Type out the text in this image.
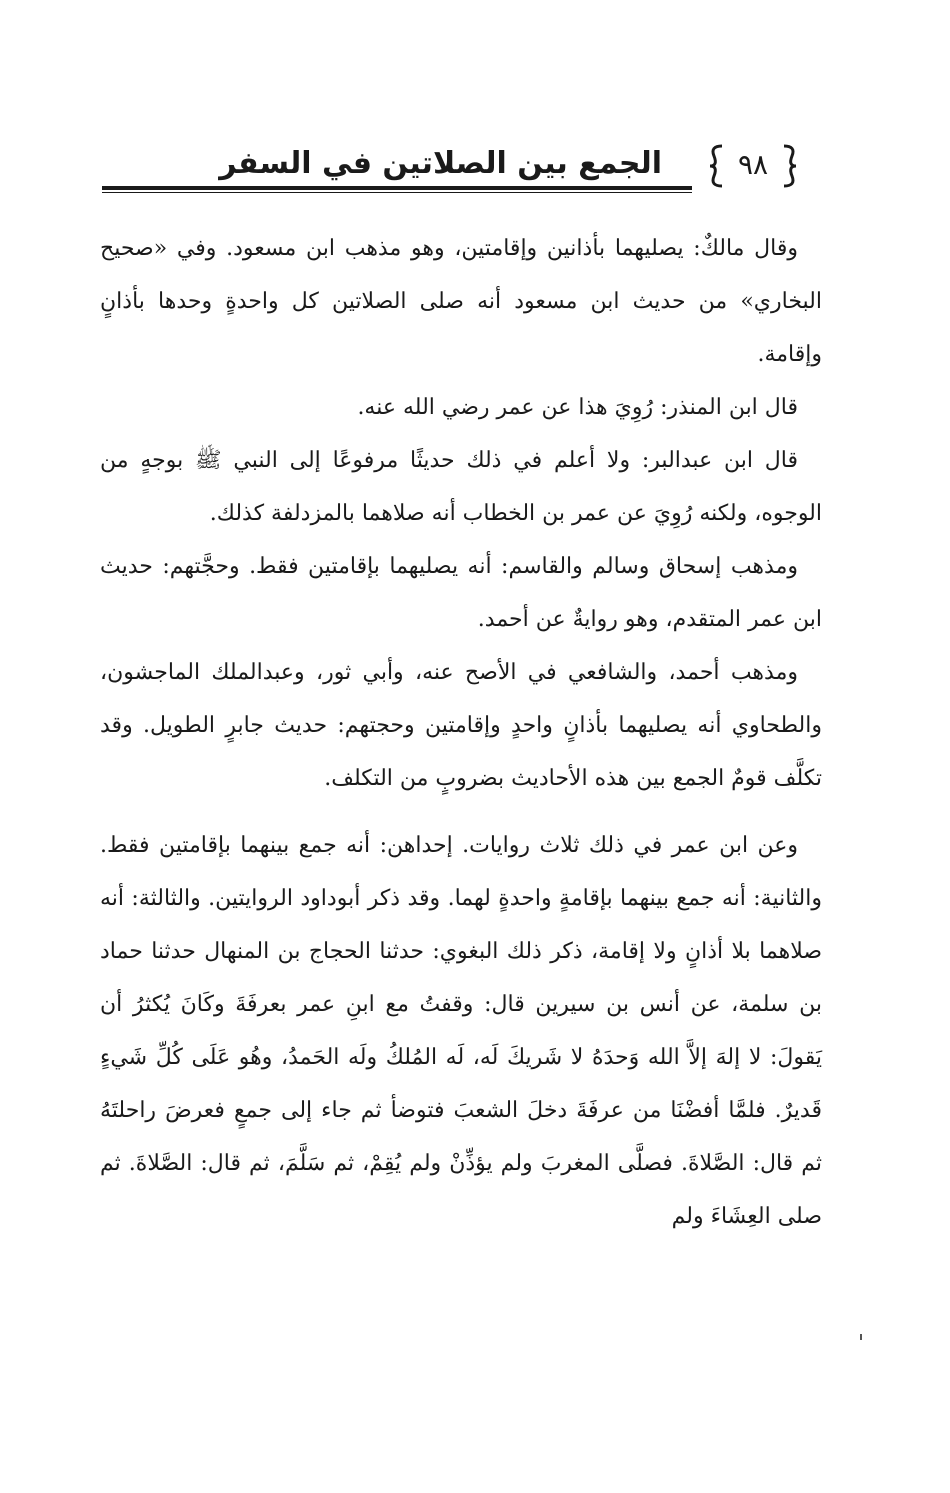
الجمع بين الصلاتين في السفر	٩٨

وقال مالكٌ: يصليهما بأذانين وإقامتين، وهو مذهب ابن مسعود. وفي «صحيح البخاري» من حديث ابن مسعود أنه صلى الصلاتين كل واحدةٍ وحدها بأذانٍ وإقامة.

قال ابن المنذر: رُوِيَ هذا عن عمر رضي الله عنه.

قال ابن عبدالبر: ولا أعلم في ذلك حديثًا مرفوعًا إلى النبي ﷺ بوجهٍ من الوجوه، ولكنه رُوِيَ عن عمر بن الخطاب أنه صلاهما بالمزدلفة كذلك.

ومذهب إسحاق وسالم والقاسم: أنه يصليهما بإقامتين فقط. وحجَّتهم: حديث ابن عمر المتقدم، وهو روايةٌ عن أحمد.

ومذهب أحمد، والشافعي في الأصح عنه، وأبي ثور، وعبدالملك الماجشون، والطحاوي أنه يصليهما بأذانٍ واحدٍ وإقامتين وحجتهم: حديث جابرٍ الطويل. وقد تكلَّف قومٌ الجمع بين هذه الأحاديث بضروبٍ من التكلف.

وعن ابن عمر في ذلك ثلاث روايات. إحداهن: أنه جمع بينهما بإقامتين فقط. والثانية: أنه جمع بينهما بإقامةٍ واحدةٍ لهما. وقد ذكر أبوداود الروايتين. والثالثة: أنه صلاهما بلا أذانٍ ولا إقامة، ذكر ذلك البغوي: حدثنا الحجاج بن المنهال حدثنا حماد بن سلمة، عن أنس بن سيرين قال: وقفتُ مع ابنِ عمر بعرفَةَ وكَانَ يُكثرُ أن يَقولَ: لا إلهَ إلاَّ الله وَحدَهُ لا شَريكَ لَه، لَه المُلكُ ولَه الحَمدُ، وهُو عَلَى كُلِّ شَيءٍ قَديرٌ. فلمَّا أفضْنَا من عرفَةَ دخلَ الشعبَ فتوضأ ثم جاء إلى جمعٍ فعرضَ راحلتَهُ ثم قال: الصَّلاةَ. فصلَّى المغربَ ولم يؤذِّنْ ولم يُقِمْ، ثم سَلَّمَ، ثم قال: الصَّلاةَ. ثم صلى العِشَاءَ ولم
